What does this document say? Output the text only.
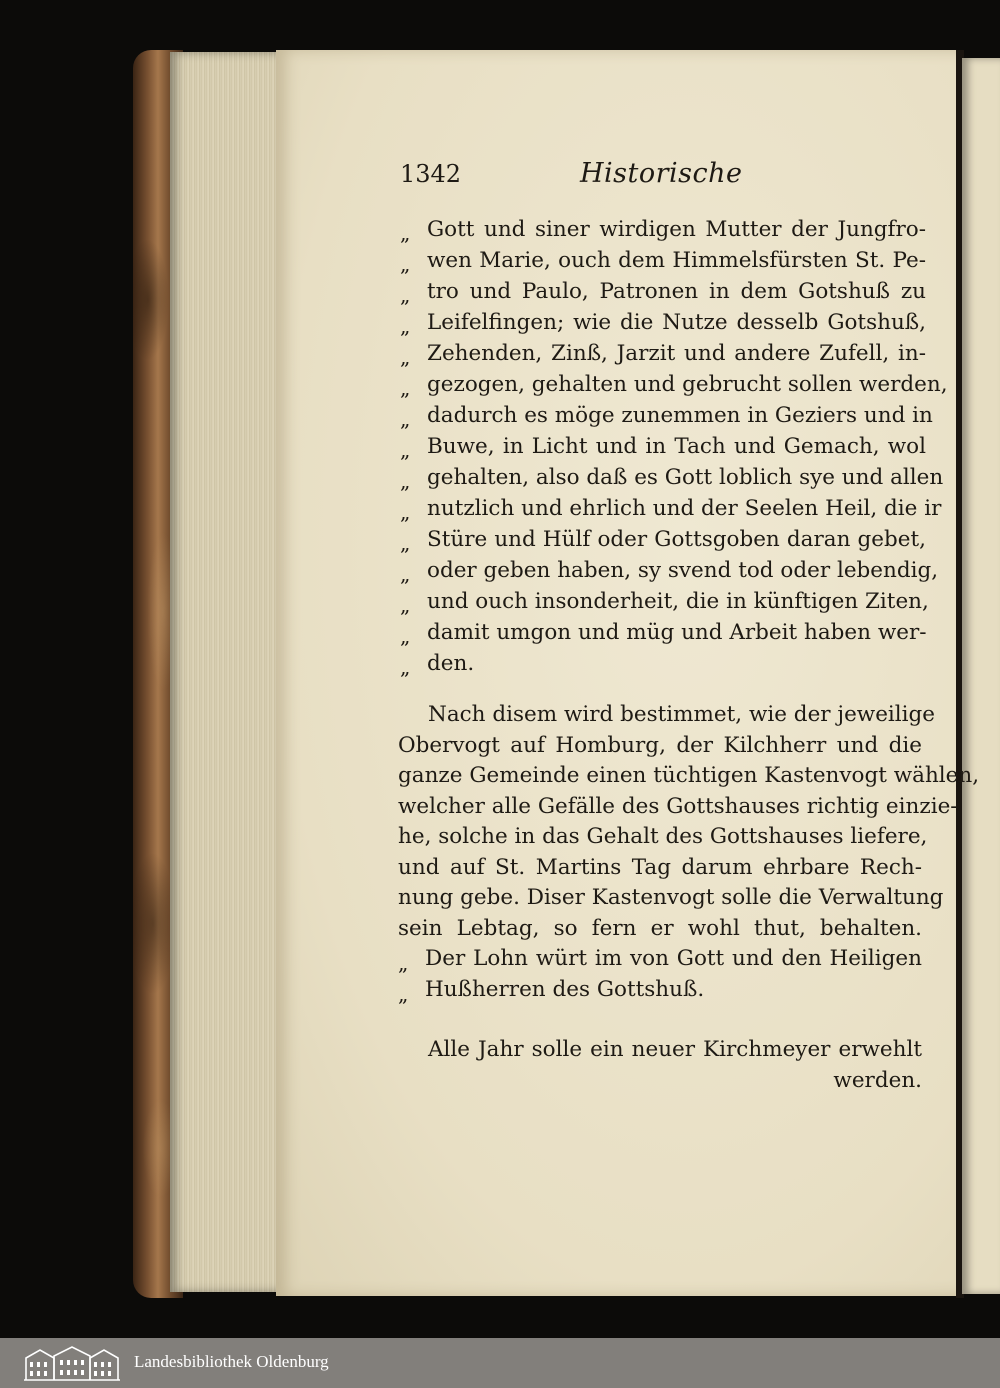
1342	Historische
„ Gott und siner wirdigen Mutter der Jungfro-
„ wen Marie, ouch dem Himmelsfürsten St. Pe-
„ tro und Paulo, Patronen in dem Gotshuß zu
„ Leifelfingen; wie die Nutze desselb Gotshuß,
„ Zehenden, Zinß, Jarzit und andere Zufell, in-
„ gezogen, gehalten und gebrucht sollen werden,
„ dadurch es möge zunemmen in Geziers und in
„ Buwe, in Licht und in Tach und Gemach, wol
„ gehalten, also daß es Gott loblich sye und allen
„ nutzlich und ehrlich und der Seelen Heil, die ir
„ Stüre und Hülf oder Gottsgoben daran gebet,
„ oder geben haben, sy svend tod oder lebendig,
„ und ouch insonderheit, die in künftigen Ziten,
„ damit umgon und müg und Arbeit haben wer-
„ den.
Nach disem wird bestimmet, wie der jeweilige
Obervogt auf Homburg, der Kilchherr und die
ganze Gemeinde einen tüchtigen Kastenvogt wählen,
welcher alle Gefälle des Gottshauses richtig einzie-
he, solche in das Gehalt des Gottshauses liefere,
und auf St. Martins Tag darum ehrbare Rech-
nung gebe. Diser Kastenvogt solle die Verwaltung
sein Lebtag, so fern er wohl thut, behalten.
„ Der Lohn würt im von Gott und den Heiligen
„ Hußherren des Gottshuß.
Alle Jahr solle ein neuer Kirchmeyer erwehlt
werden.
Landesbibliothek Oldenburg
